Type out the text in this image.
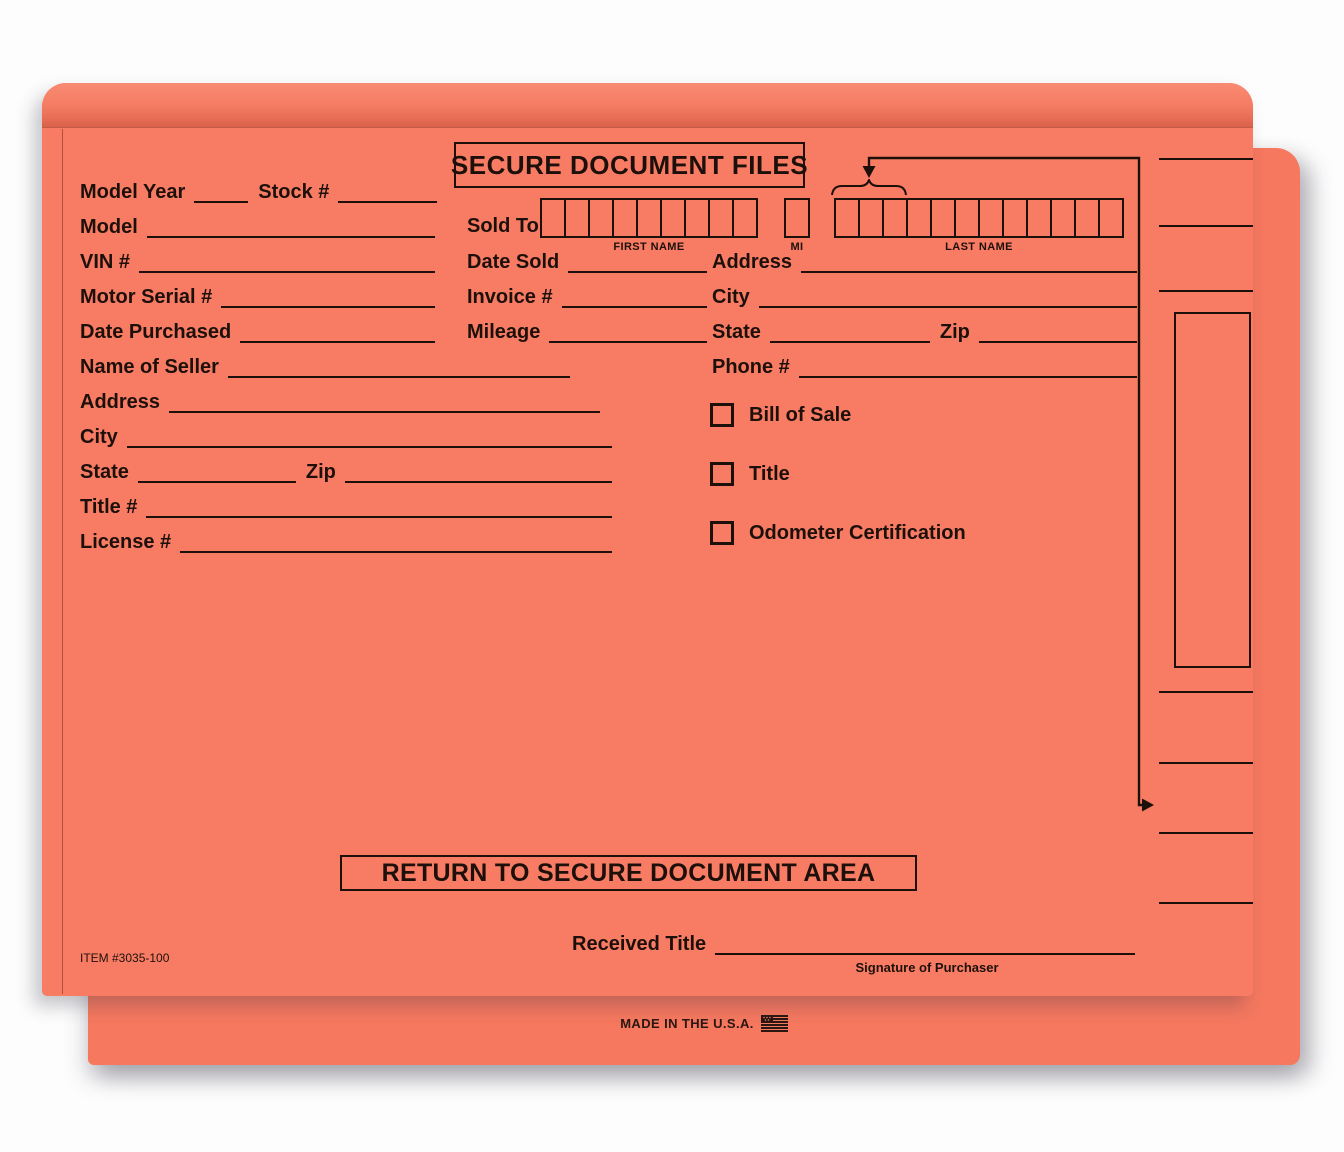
MADE IN THE U.S.A.
SECURE DOCUMENT FILES
Model Year	Stock #
Model
VIN #
Motor Serial #
Date Purchased
Name of Seller
Address
City
State	Zip
Title #
License #
Sold To
FIRST NAME	MI	LAST NAME
Date Sold
Invoice #
Mileage
Address
City
State	Zip
Phone #
Bill of Sale
Title
Odometer Certification
RETURN TO SECURE DOCUMENT AREA
Received Title
Signature of Purchaser
ITEM #3035-100
